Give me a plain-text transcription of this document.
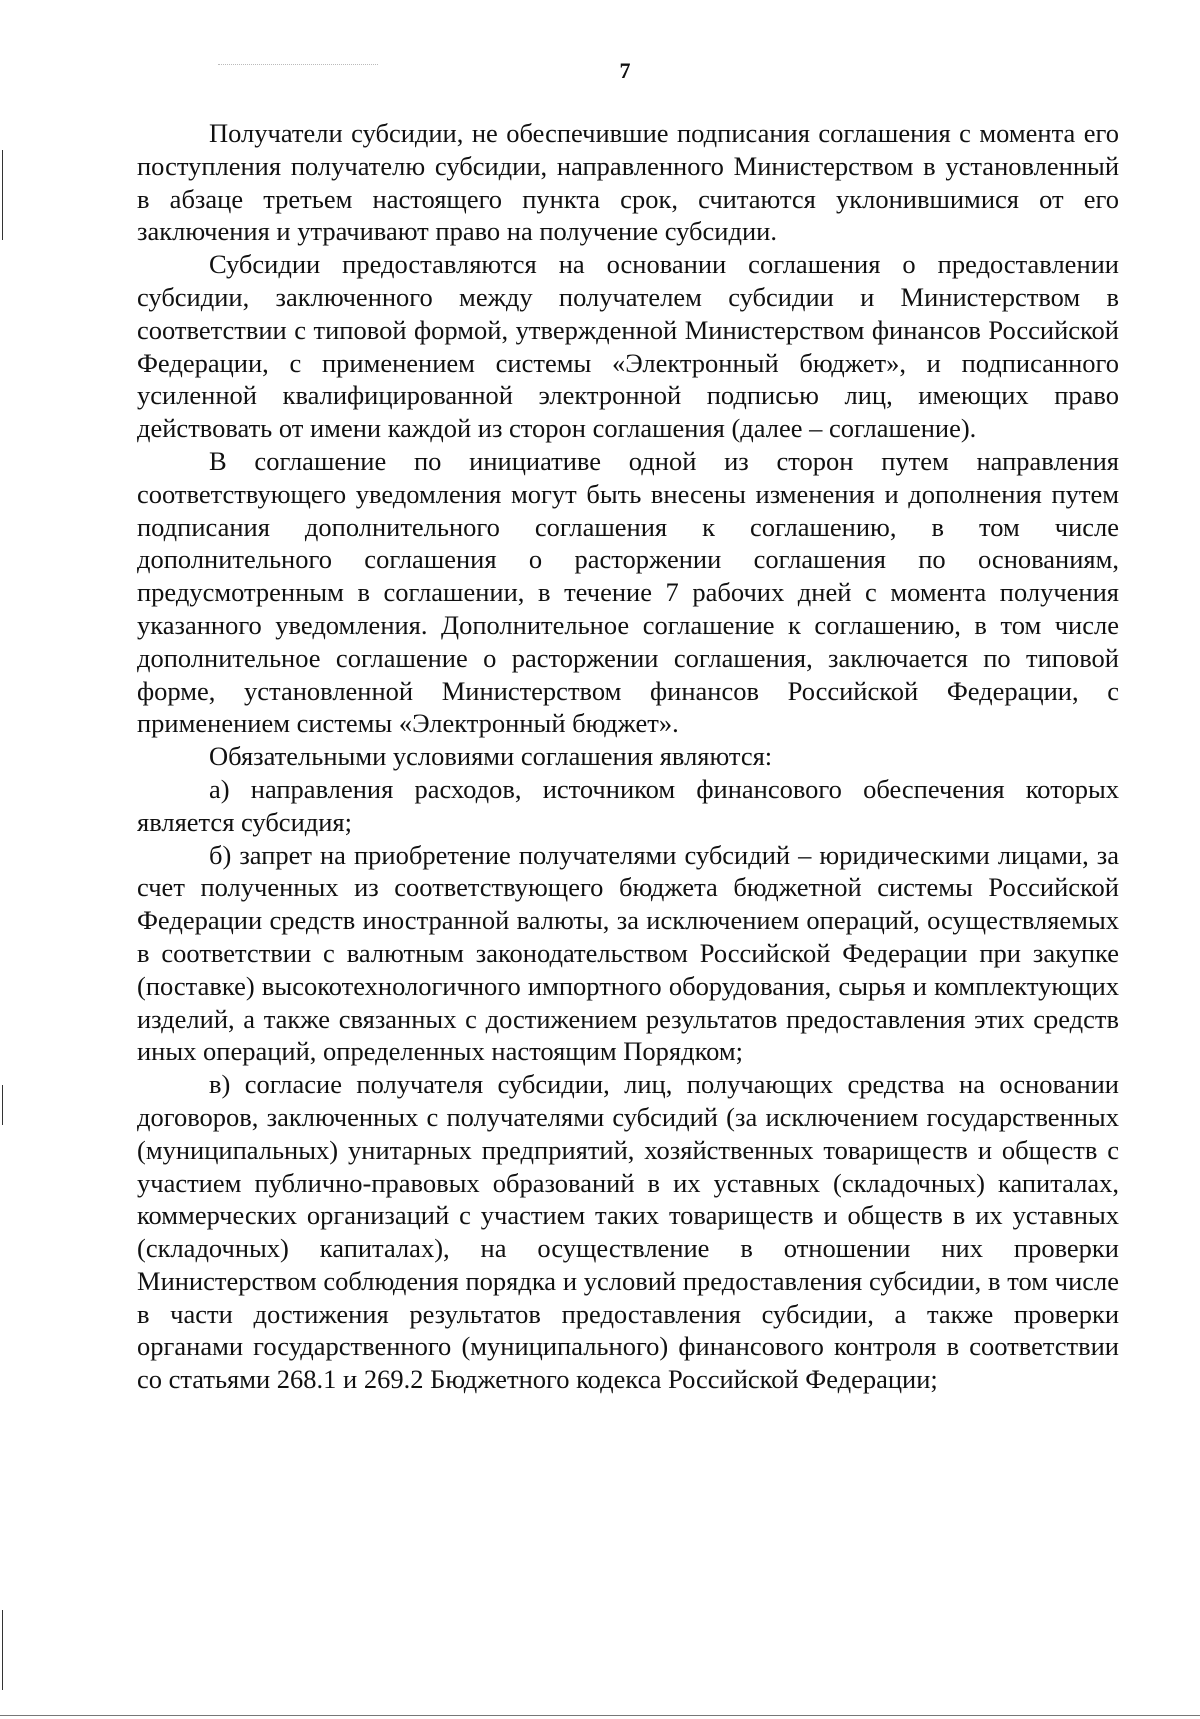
7

Получатели субсидии, не обеспечившие подписания соглашения с момента его поступления получателю субсидии, направленного Министерством в установленный в абзаце третьем настоящего пункта срок, считаются уклонившимися от его заключения и утрачивают право на получение субсидии.

Субсидии предоставляются на основании соглашения о предоставлении субсидии, заключенного между получателем субсидии и Министерством в соответствии с типовой формой, утвержденной Министерством финансов Российской Федерации, с применением системы «Электронный бюджет», и подписанного усиленной квалифицированной электронной подписью лиц, имеющих право действовать от имени каждой из сторон соглашения (далее – соглашение).

В соглашение по инициативе одной из сторон путем направления соответствующего уведомления могут быть внесены изменения и дополнения путем подписания дополнительного соглашения к соглашению, в том числе дополнительного соглашения о расторжении соглашения по основаниям, предусмотренным в соглашении, в течение 7 рабочих дней с момента получения указанного уведомления. Дополнительное соглашение к соглашению, в том числе дополнительное соглашение о расторжении соглашения, заключается по типовой форме, установленной Министерством финансов Российской Федерации, с применением системы «Электронный бюджет».

Обязательными условиями соглашения являются:

а) направления расходов, источником финансового обеспечения которых является субсидия;

б) запрет на приобретение получателями субсидий – юридическими лицами, за счет полученных из соответствующего бюджета бюджетной системы Российской Федерации средств иностранной валюты, за исключением операций, осуществляемых в соответствии с валютным законодательством Российской Федерации при закупке (поставке) высокотехнологичного импортного оборудования, сырья и комплектующих изделий, а также связанных с достижением результатов предоставления этих средств иных операций, определенных настоящим Порядком;

в) согласие получателя субсидии, лиц, получающих средства на основании договоров, заключенных с получателями субсидий (за исключением государственных (муниципальных) унитарных предприятий, хозяйственных товариществ и обществ с участием публично-правовых образований в их уставных (складочных) капиталах, коммерческих организаций с участием таких товариществ и обществ в их уставных (складочных) капиталах), на осуществление в отношении них проверки Министерством соблюдения порядка и условий предоставления субсидии, в том числе в части достижения результатов предоставления субсидии, а также проверки органами государственного (муниципального) финансового контроля в соответствии со статьями 268.1 и 269.2 Бюджетного кодекса Российской Федерации;
